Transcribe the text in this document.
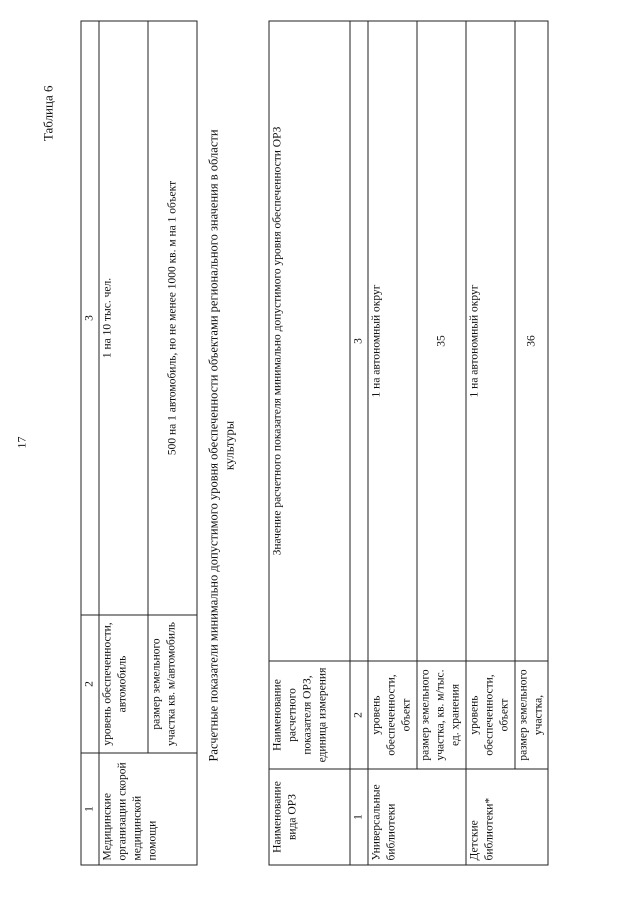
17
1	2	3
Медицинские организации скорой медицинской помощи	уровень обеспеченности, автомобиль	1 на 10 тыс. чел.
	размер земельного участка кв. м/автомобиль	500 на 1 автомобиль, но не менее 1000 кв. м на 1 объект
Таблица 6
Расчетные показатели минимально допустимого уровня обеспеченности объектами регионального значения в области культуры
Наименование вида ОРЗ	Наименование расчетного показателя ОРЗ, единица измерения	Значение расчетного показателя минимально допустимого уровня обеспеченности ОРЗ
1	2	3
Универсальные библиотеки	уровень обеспеченности, объект	1 на автономный округ
	размер земельного участка, кв. м/тыс. ед. хранения	35
Детские библиотеки*	уровень обеспеченности, объект	1 на автономный округ
	размер земельного участка,	36
